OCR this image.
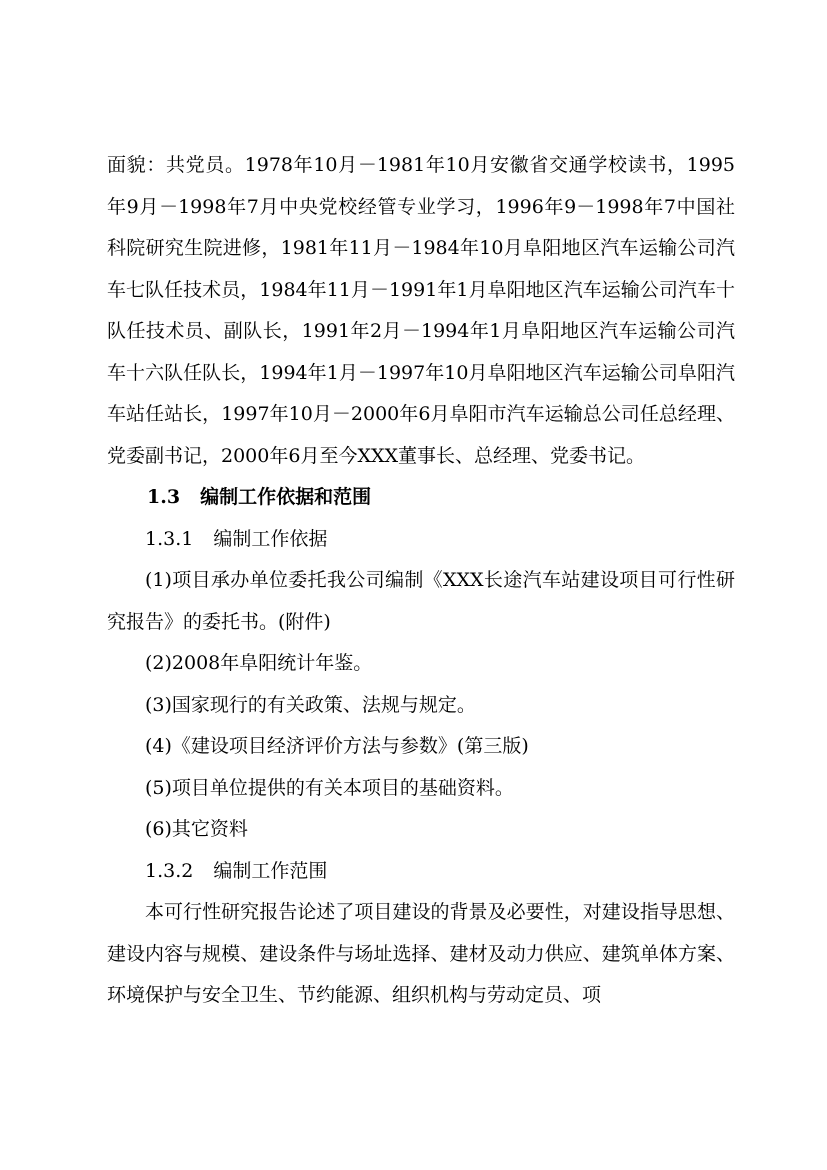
面貌：共党员。1978年10月－1981年10月安徽省交通学校读书，1995年9月－1998年7月中央党校经管专业学习，1996年9－1998年7中国社科院研究生院进修，1981年11月－1984年10月阜阳地区汽车运输公司汽车七队任技术员，1984年11月－1991年1月阜阳地区汽车运输公司汽车十队任技术员、副队长，1991年2月－1994年1月阜阳地区汽车运输公司汽车十六队任队长，1994年1月－1997年10月阜阳地区汽车运输公司阜阳汽车站任站长，1997年10月－2000年6月阜阳市汽车运输总公司任总经理、党委副书记，2000年6月至今XXX董事长、总经理、党委书记。

1.3 编制工作依据和范围

1.3.1 编制工作依据

(1)项目承办单位委托我公司编制《XXX长途汽车站建设项目可行性研究报告》的委托书。(附件)

(2)2008年阜阳统计年鉴。

(3)国家现行的有关政策、法规与规定。

(4)《建设项目经济评价方法与参数》(第三版)

(5)项目单位提供的有关本项目的基础资料。

(6)其它资料

1.3.2 编制工作范围

本可行性研究报告论述了项目建设的背景及必要性，对建设指导思想、建设内容与规模、建设条件与场址选择、建材及动力供应、建筑单体方案、环境保护与安全卫生、节约能源、组织机构与劳动定员、项
